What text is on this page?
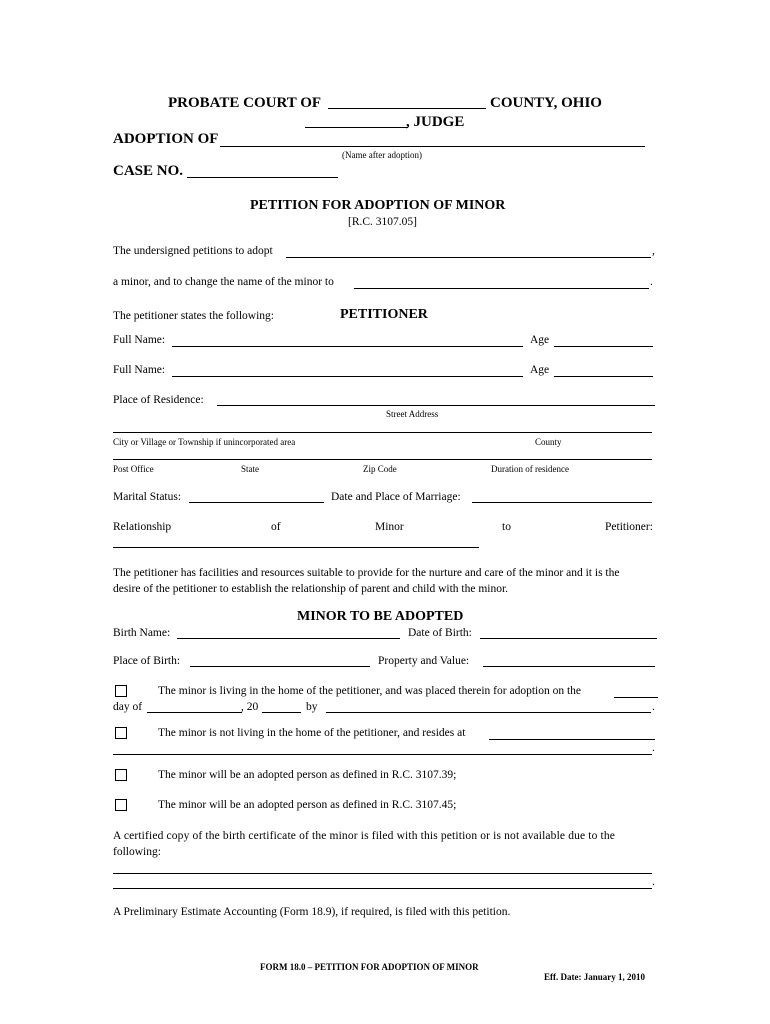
PROBATE COURT OF	COUNTY, OHIO
, JUDGE
ADOPTION OF
(Name after adoption)
CASE NO.
PETITION FOR ADOPTION OF MINOR
[R.C. 3107.05]
The undersigned petitions to adopt	,
a minor, and to change the name of the minor to	.
The petitioner states the following:	PETITIONER
Full Name:	Age
Full Name:	Age
Place of Residence:
Street Address
City or Village or Township if unincorporated area	County
Post Office	State	Zip Code	Duration of residence
Marital Status:	Date and Place of Marriage:
Relationship	of	Minor	to	Petitioner:
The petitioner has facilities and resources suitable to provide for the nurture and care of the minor and it is the
desire of the petitioner to establish the relationship of parent and child with the minor.
MINOR TO BE ADOPTED
Birth Name:	Date of Birth:
Place of Birth:	Property and Value:
The minor is living in the home of the petitioner, and was placed therein for adoption on the
day of	, 20	by	.
The minor is not living in the home of the petitioner, and resides at
.
The minor will be an adopted person as defined in R.C. 3107.39;
The minor will be an adopted person as defined in R.C. 3107.45;
A certified copy of the birth certificate of the minor is filed with this petition or is not available due to the
following:
.
A Preliminary Estimate Accounting (Form 18.9), if required, is filed with this petition.
FORM 18.0 – PETITION FOR ADOPTION OF MINOR
Eff. Date: January 1, 2010
